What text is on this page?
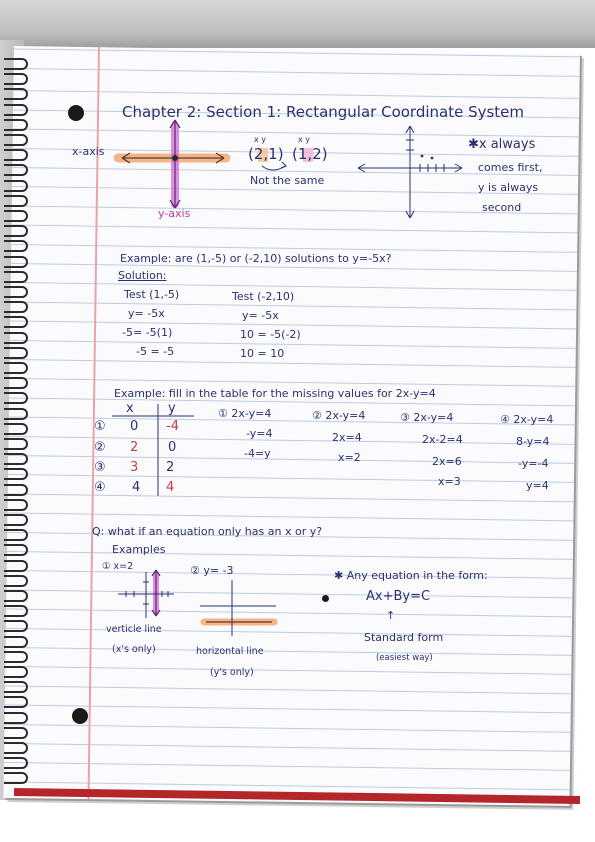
Chapter 2: Section 1: Rectangular Coordinate System
x-axis
y-axis
x y	x y
(2,1) (1,2)
Not the same
✱x always
comes first,
y is always
second
Example: are (1,-5) or (-2,10) solutions to y=-5x?
Solution:
Test (1,-5)
y= -5x
-5= -5(1)
-5 = -5
Test (-2,10)
y= -5x
10 = -5(-2)
10 = 10
Example: fill in the table for the missing values for 2x-y=4
x	y
① 0 -4
② 2 0
③ 3 2
④ 4 4
① 2x-y=4
-y=4
-4=y
② 2x-y=4
2x=4
x=2
③ 2x-y=4
2x-2=4
2x=6
x=3
④ 2x-y=4
8-y=4
-y=-4
y=4
Q: what if an equation only has an x or y?
Examples
① x=2	② y= -3
verticle line
(x's only)	horizontal line
(y's only)
✱ Any equation in the form:
Ax+By=C
↑
Standard form
(easiest way)
